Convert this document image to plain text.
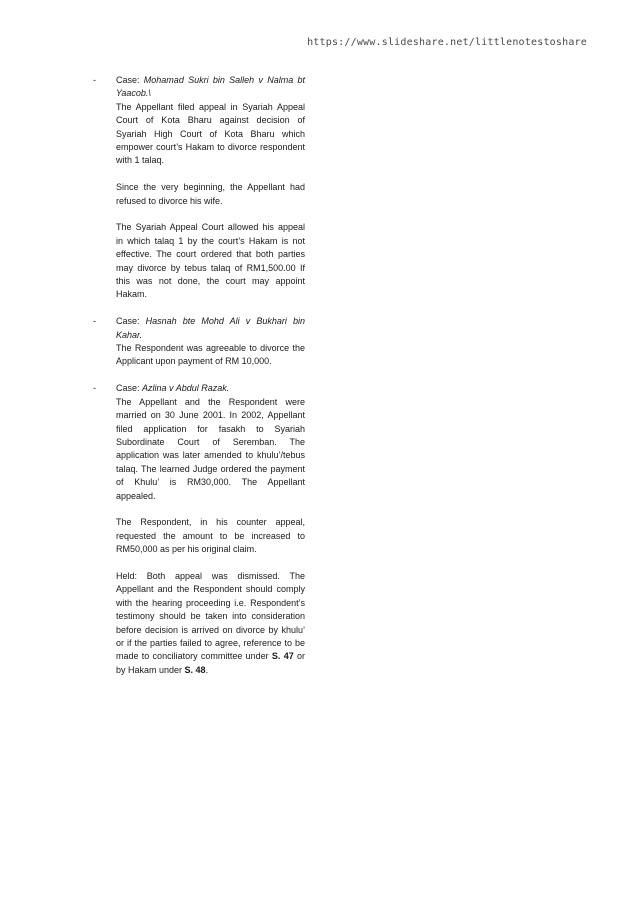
https://www.slideshare.net/littlenotestoshare
- Case: Mohamad Sukri bin Salleh v Nalma bt Yaacob.\
The Appellant filed appeal in Syariah Appeal Court of Kota Bharu against decision of Syariah High Court of Kota Bharu which empower court’s Hakam to divorce respondent with 1 talaq.
Since the very beginning, the Appellant had refused to divorce his wife.
The Syariah Appeal Court allowed his appeal in which talaq 1 by the court’s Hakam is not effective. The court ordered that both parties may divorce by tebus talaq of RM1,500.00 If this was not done, the court may appoint Hakam.
- Case: Hasnah bte Mohd Ali v Bukhari bin Kahar.
The Respondent was agreeable to divorce the Applicant upon payment of RM 10,000.
- Case: Azlina v Abdul Razak.
The Appellant and the Respondent were married on 30 June 2001. In 2002, Appellant filed application for fasakh to Syariah Subordinate Court of Seremban. The application was later amended to khulu’/tebus talaq. The learned Judge ordered the payment of Khulu’ is RM30,000. The Appellant appealed.
The Respondent, in his counter appeal, requested the amount to be increased to RM50,000 as per his original claim.
Held: Both appeal was dismissed. The Appellant and the Respondent should comply with the hearing proceeding i.e. Respondent’s testimony should be taken into consideration before decision is arrived on divorce by khulu’ or if the parties failed to agree, reference to be made to conciliatory committee under S. 47 or by Hakam under S. 48.
